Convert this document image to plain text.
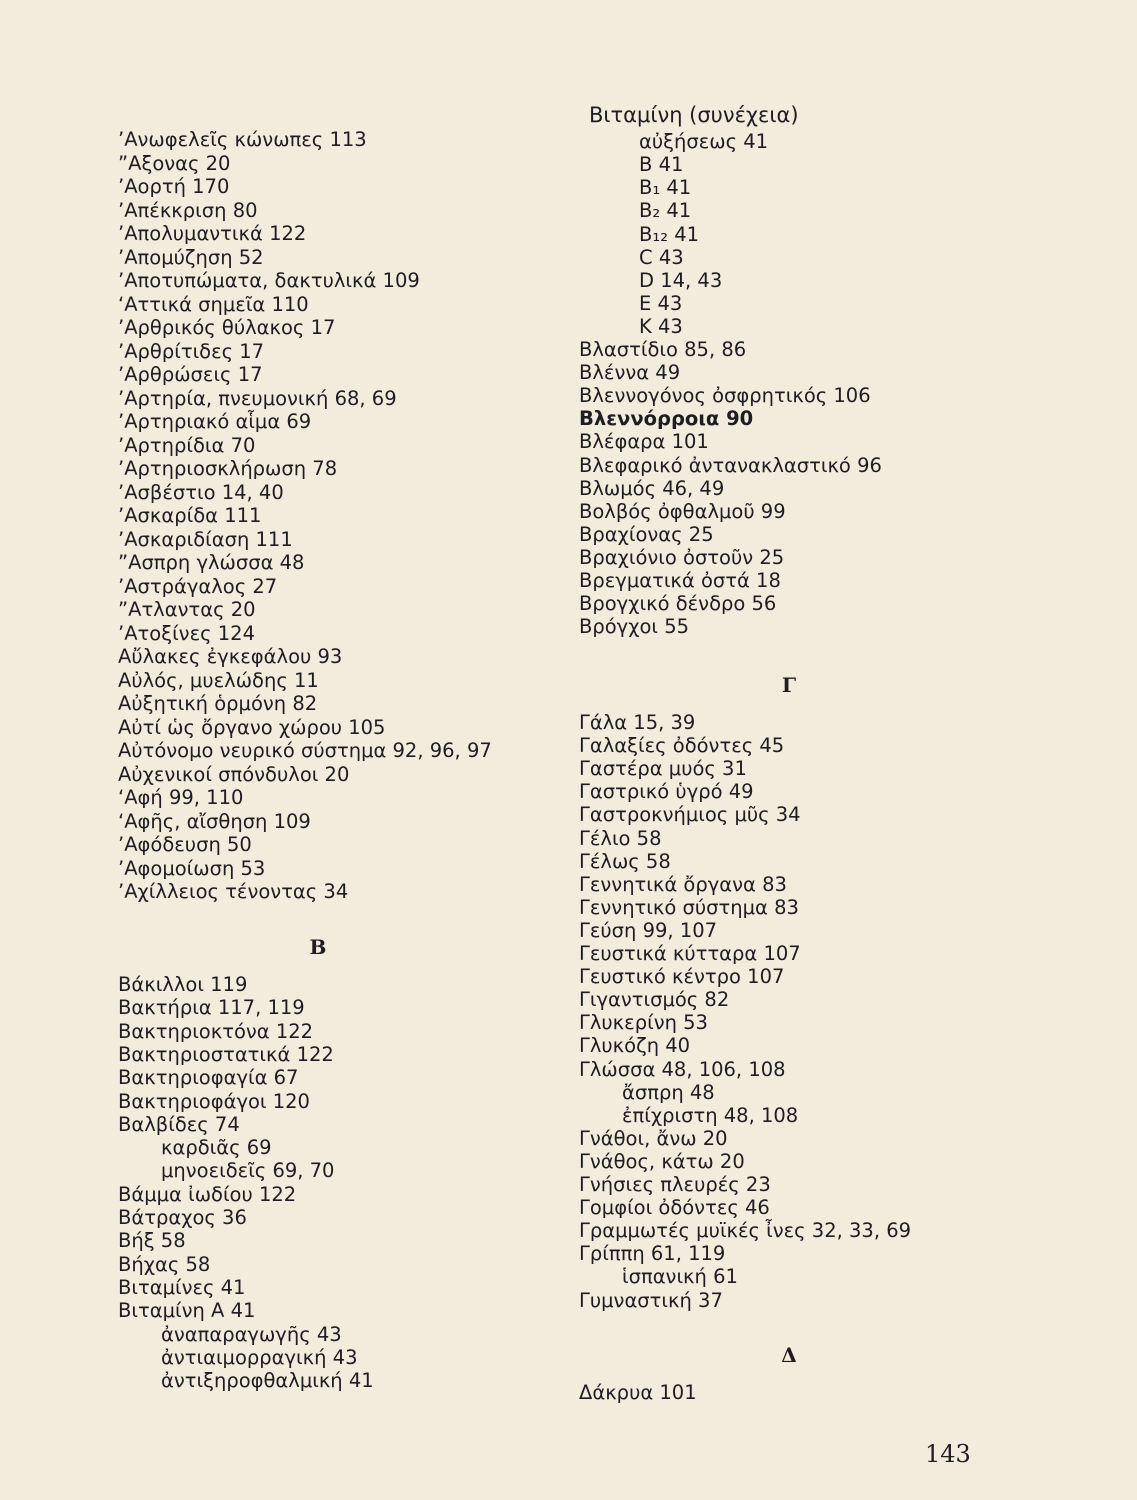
’Ανωφελεῖς κώνωπες 113
”Αξονας 20
’Αορτή 170
’Απέκκριση 80
’Απολυμαντικά 122
’Απομύζηση 52
’Αποτυπώματα, δακτυλικά 109
‘Αττικά σημεῖα 110
’Αρθρικός θύλακος 17
’Αρθρίτιδες 17
’Αρθρώσεις 17
’Αρτηρία, πνευμονική 68, 69
’Αρτηριακό αἷμα 69
’Αρτηρίδια 70
’Αρτηριοσκλήρωση 78
’Ασβέστιο 14, 40
’Ασκαρίδα 111
’Ασκαριδίαση 111
”Ασπρη γλώσσα 48
’Αστράγαλος 27
”Ατλαντας 20
’Ατοξίνες 124
Αὔλακες ἐγκεφάλου 93
Αὐλός, μυελώδης 11
Αὐξητική ὁρμόνη 82
Αὐτί ὡς ὄργανο χώρου 105
Αὐτόνομο νευρικό σύστημα 92, 96, 97
Αὐχενικοί σπόνδυλοι 20
‘Αφή 99, 110
‘Αφῆς, αἴσθηση 109
’Αφόδευση 50
’Αφομοίωση 53
’Αχίλλειος τένοντας 34
Βάκιλλοι 119
Βακτήρια 117, 119
Βακτηριοκτόνα 122
Βακτηριοστατικά 122
Βακτηριοφαγία 67
Βακτηριοφάγοι 120
Βαλβίδες 74
καρδιᾶς 69
μηνοειδεῖς 69, 70
Βάμμα ἰωδίου 122
Βάτραχος 36
Βήξ 58
Βήχας 58
Βιταμίνες 41
Βιταμίνη Α 41
ἀναπαραγωγῆς 43
ἀντιαιμορραγική 43
ἀντιξηροφθαλμική 41
Β
Βιταμίνη (συνέχεια)
αὐξήσεως 41
Β 41
Β₁ 41
Β₂ 41
Β₁₂ 41
C 43
D 14, 43
E 43
K 43
Βλαστίδιο 85, 86
Βλέννα 49
Βλεννογόνος ὀσφρητικός 106
Βλεννόρροια 90
Βλέφαρα 101
Βλεφαρικό ἀντανακλαστικό 96
Βλωμός 46, 49
Βολβός ὀφθαλμοῦ 99
Βραχίονας 25
Βραχιόνιο ὀστοῦν 25
Βρεγματικά ὀστά 18
Βρογχικό δένδρο 56
Βρόγχοι 55
Γάλα 15, 39
Γαλαξίες ὀδόντες 45
Γαστέρα μυός 31
Γαστρικό ὑγρό 49
Γαστροκνήμιος μῦς 34
Γέλιο 58
Γέλως 58
Γεννητικά ὄργανα 83
Γεννητικό σύστημα 83
Γεύση 99, 107
Γευστικά κύτταρα 107
Γευστικό κέντρο 107
Γιγαντισμός 82
Γλυκερίνη 53
Γλυκόζη 40
Γλώσσα 48, 106, 108
ἄσπρη 48
ἐπίχριστη 48, 108
Γνάθοι, ἄνω 20
Γνάθος, κάτω 20
Γνήσιες πλευρές 23
Γομφίοι ὀδόντες 46
Γραμμωτές μυϊκές ἶνες 32, 33, 69
Γρίππη 61, 119
ἱσπανική 61
Γυμναστική 37
Δάκρυα 101
Γ
Δ
143
